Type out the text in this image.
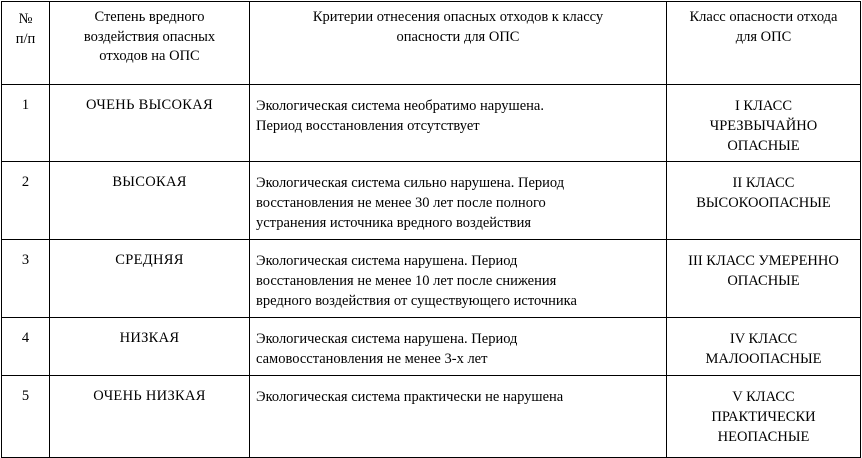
№
п/п	Степень вредного
воздействия опасных
отходов на ОПС	Критерии отнесения опасных отходов к классу
опасности для ОПС	Класс опасности отхода
для ОПС

1	ОЧЕНЬ ВЫСОКАЯ	Экологическая система необратимо нарушена.
Период восстановления отсутствует	I КЛАСС
ЧРЕЗВЫЧАЙНО
ОПАСНЫЕ

2	ВЫСОКАЯ	Экологическая система сильно нарушена. Период
восстановления не менее 30 лет после полного
устранения источника вредного воздействия	II КЛАСС
ВЫСОКООПАСНЫЕ

3	СРЕДНЯЯ	Экологическая система нарушена. Период
восстановления не менее 10 лет после снижения
вредного воздействия от существующего источника	III КЛАСС УМЕРЕННО
ОПАСНЫЕ

4	НИЗКАЯ	Экологическая система нарушена. Период
самовосстановления не менее 3-х лет	IV КЛАСС
МАЛООПАСНЫЕ

5	ОЧЕНЬ НИЗКАЯ	Экологическая система практически не нарушена	V КЛАСС
ПРАКТИЧЕСКИ
НЕОПАСНЫЕ
